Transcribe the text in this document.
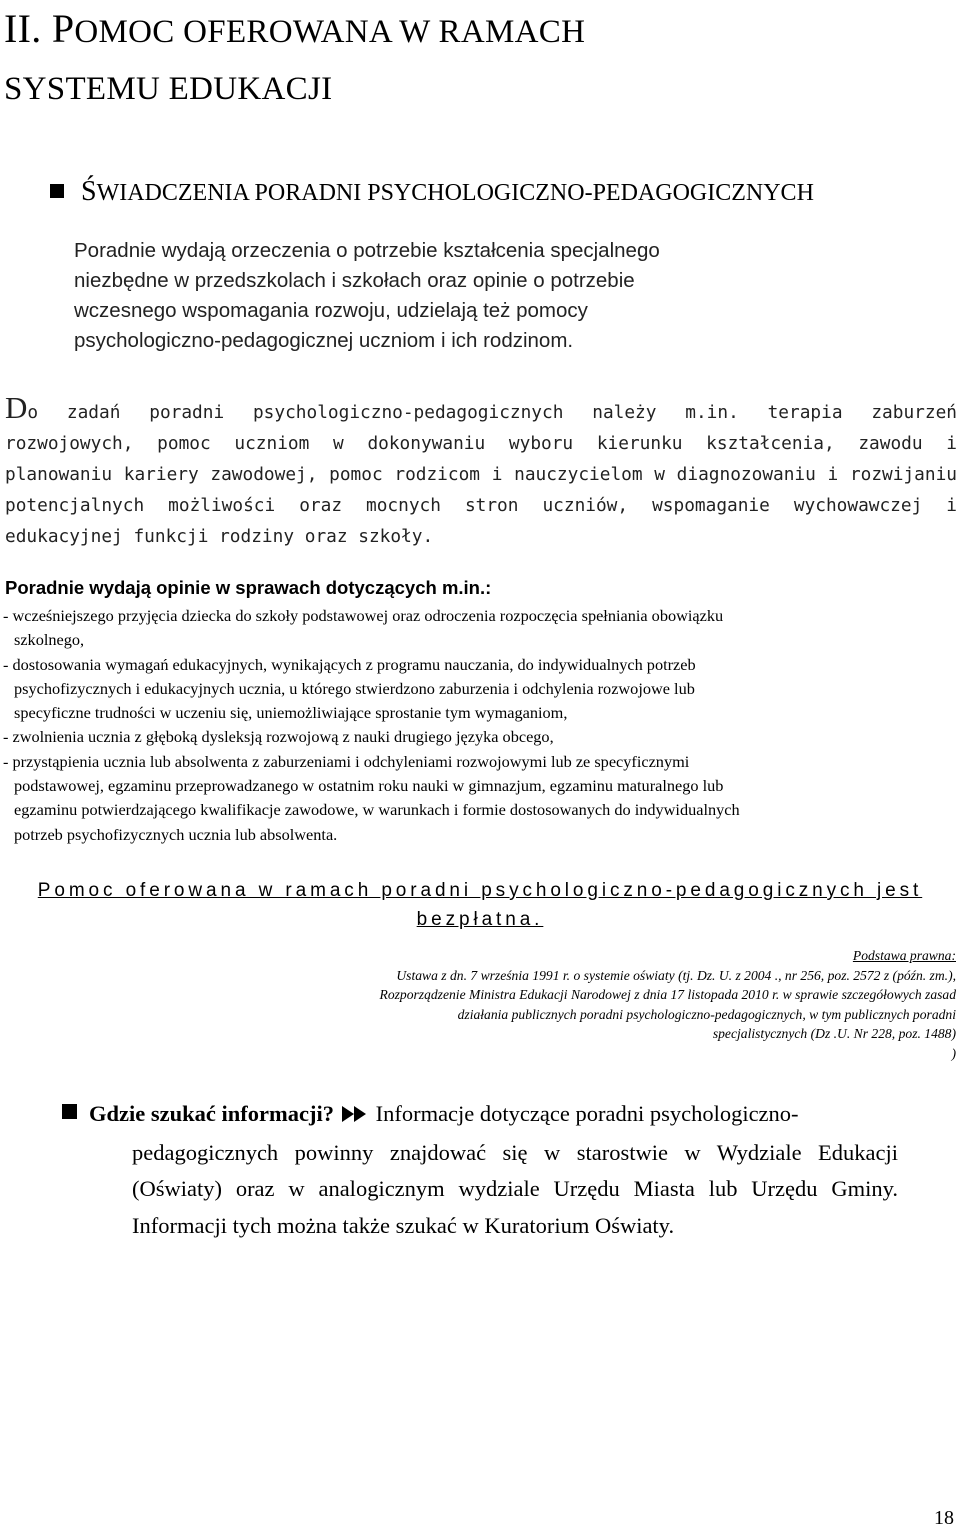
II. POMOC OFEROWANA W RAMACH
SYSTEMU EDUKACJI
ŚWIADCZENIA PORADNI PSYCHOLOGICZNO-PEDAGOGICZNYCH
Poradnie wydają orzeczenia o potrzebie kształcenia specjalnego
niezbędne w przedszkolach i szkołach oraz opinie o potrzebie
wczesnego wspomagania rozwoju, udzielają też pomocy
psychologiczno-pedagogicznej uczniom i ich rodzinom.
Do zadań poradni psychologiczno-pedagogicznych należy m.in. terapia zaburzeń rozwojowych, pomoc uczniom w dokonywaniu wyboru kierunku kształcenia, zawodu i planowaniu kariery zawodowej, pomoc rodzicom i nauczycielom w diagnozowaniu i rozwijaniu potencjalnych możliwości oraz mocnych stron uczniów, wspomaganie wychowawczej i edukacyjnej funkcji rodziny oraz szkoły.
Poradnie wydają opinie w sprawach dotyczących m.in.:
- wcześniejszego przyjęcia dziecka do szkoły podstawowej oraz odroczenia rozpoczęcia spełniania obowiązku
szkolnego,
- dostosowania wymagań edukacyjnych, wynikających z programu nauczania, do indywidualnych potrzeb
psychofizycznych i edukacyjnych ucznia, u którego stwierdzono zaburzenia i odchylenia rozwojowe lub
specyficzne trudności w uczeniu się, uniemożliwiające sprostanie tym wymaganiom,
- zwolnienia ucznia z głęboką dysleksją rozwojową z nauki drugiego języka obcego,
- przystąpienia ucznia lub absolwenta z zaburzeniami i odchyleniami rozwojowymi lub ze specyficznymi
podstawowej, egzaminu przeprowadzanego w ostatnim roku nauki w gimnazjum, egzaminu maturalnego lub
egzaminu potwierdzającego kwalifikacje zawodowe, w warunkach i formie dostosowanych do indywidualnych
potrzeb psychofizycznych ucznia lub absolwenta.
Pomoc oferowana w ramach poradni psychologiczno-pedagogicznych jest bezpłatna.
Podstawa prawna:
Ustawa z dn. 7 września 1991 r. o systemie oświaty (tj. Dz. U. z 2004 ., nr 256, poz. 2572 z (późn. zm.),
Rozporządzenie Ministra Edukacji Narodowej z dnia 17 listopada 2010 r. w sprawie szczegółowych zasad
działania publicznych poradni psychologiczno-pedagogicznych, w tym publicznych poradni
specjalistycznych (Dz .U. Nr 228, poz. 1488)
)
Gdzie szukać informacji? Informacje dotyczące poradni psychologiczno-
pedagogicznych powinny znajdować się w starostwie w Wydziale Edukacji (Oświaty) oraz w analogicznym wydziale Urzędu Miasta lub Urzędu Gminy. Informacji tych można także szukać w Kuratorium Oświaty.
18
